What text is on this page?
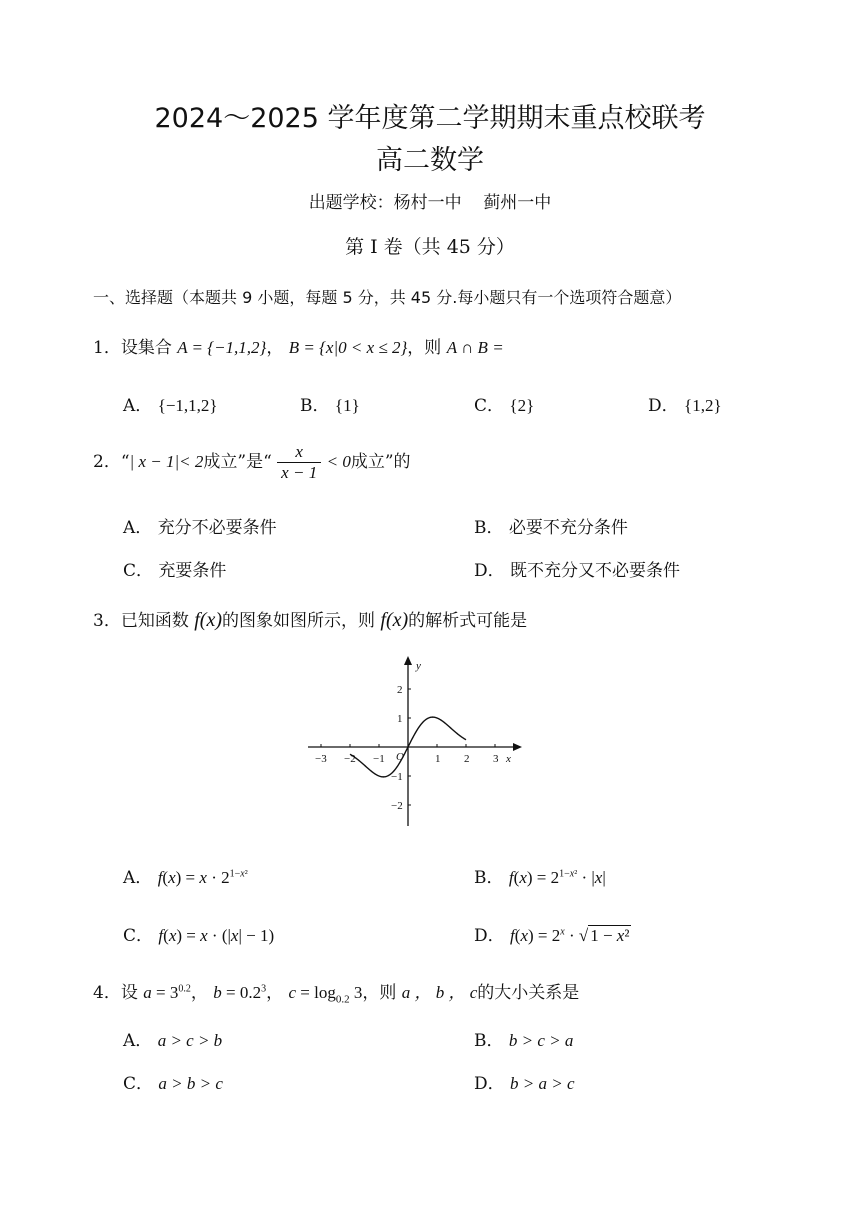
2024～2025 学年度第二学期期末重点校联考
高二数学
出题学校：杨村一中    蓟州一中
第 I 卷（共 45 分）
一、选择题（本题共 9 小题，每题 5 分，共 45 分.每小题只有一个选项符合题意）
1．设集合 A = {−1,1,2}， B = {x|0 < x ≤ 2}，则 A ∩ B =
A． {−1,1,2}	B． {1}	C． {2}	D． {1,2}
2．“| x − 1|< 2成立”是“ $\frac{x}{x - 1} < 0$成立”的
A． 充分不必要条件	B． 必要不充分条件
C． 充要条件	D． 既不充分又不必要条件
3．已知函数 f(x)的图象如图所示，则 f(x)的解析式可能是
−3 −2 −1	1 2 3
2
1
−1
−2
O	x
y
A． $f(x) = x \cdot 2^{1-x^2}$	B． $f(x) = 2^{1-x^2} \cdot |x|$
C． f(x) = x · (|x| − 1)	D． $f(x) = 2^x$ · √ 1 − x²
4．设 $a = 3^{0.2}$， $b = 0.2^3$， $c = \log_{0.2} 3$，则 a ， b ， c的大小关系是
A． a > c > b	B． b > c > a
C． a > b > c	D． b > a > c
